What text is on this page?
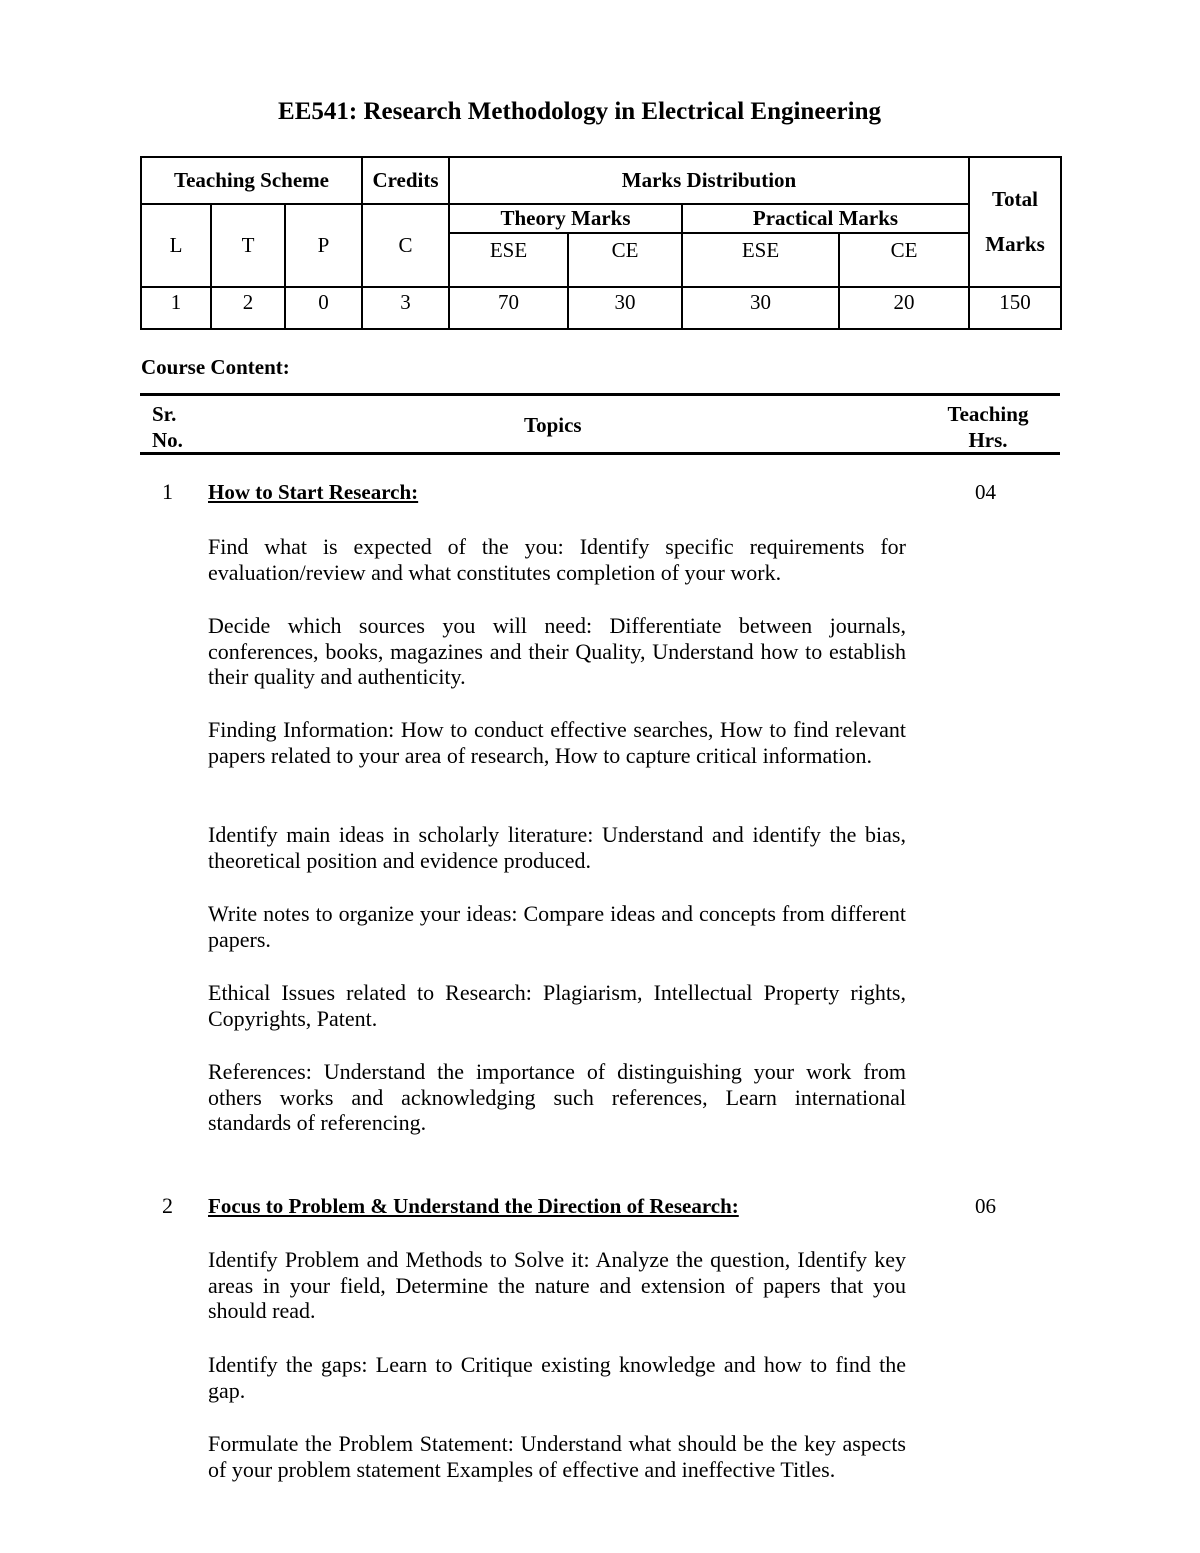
EE541: Research Methodology in Electrical Engineering
Teaching Scheme			Credits	Marks Distribution				Total
Marks

L	T	P	C	Theory Marks		Practical Marks		
				ESE	CE	ESE	CE	
1	2	0	3	70	30	30	20	150

Course Content:

Sr.
No.
Topics	Teaching
Hrs.
1 How to Start Research:	04

Find what is expected of the you: Identify specific requirements for evaluation/review and what constitutes completion of your work.

Decide which sources you will need: Differentiate between journals, conferences, books, magazines and their Quality, Understand how to establish their quality and authenticity.

Finding Information: How to conduct effective searches, How to find relevant papers related to your area of research, How to capture critical information.

Identify main ideas in scholarly literature: Understand and identify the bias, theoretical position and evidence produced.

Write notes to organize your ideas: Compare ideas and concepts from different papers.

Ethical Issues related to Research: Plagiarism, Intellectual Property rights, Copyrights, Patent.

References: Understand the importance of distinguishing your work from others works and acknowledging such references, Learn international standards of referencing.

2 Focus to Problem & Understand the Direction of Research:	06

Identify Problem and Methods to Solve it: Analyze the question, Identify key areas in your field, Determine the nature and extension of papers that you should read.

Identify the gaps: Learn to Critique existing knowledge and how to find the gap.

Formulate the Problem Statement: Understand what should be the key aspects of your problem statement Examples of effective and ineffective Titles.
